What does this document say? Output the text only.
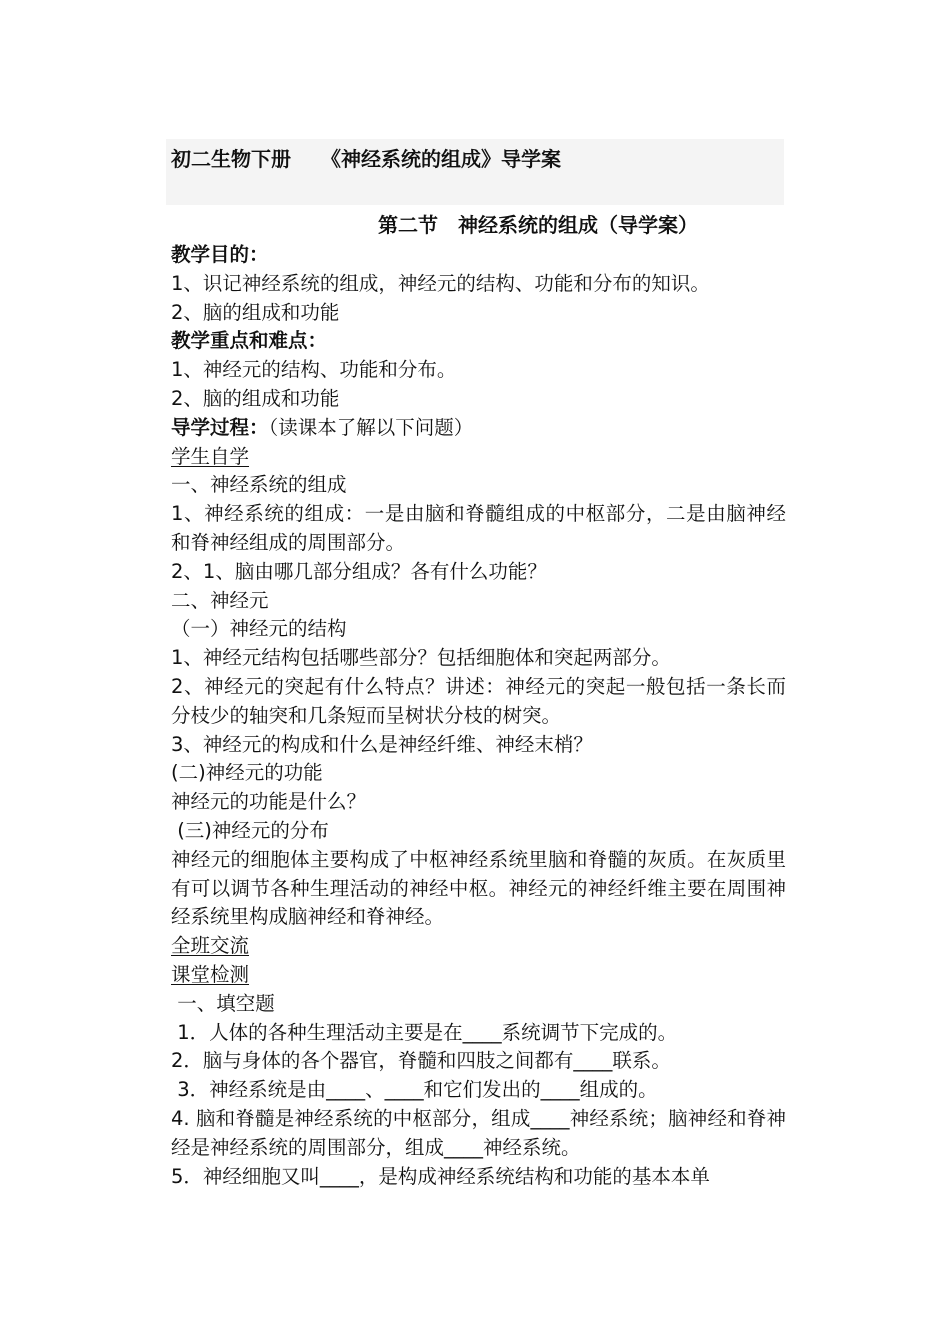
初二生物下册　　《神经系统的组成》导学案
第二节　神经系统的组成（导学案）

教学目的：

1、识记神经系统的组成，神经元的结构、功能和分布的知识。

2、脑的组成和功能

教学重点和难点：

1、神经元的结构、功能和分布。

2、脑的组成和功能

导学过程：（读课本了解以下问题）

学生自学

一、神经系统的组成

1、神经系统的组成：一是由脑和脊髓组成的中枢部分，二是由脑神经和脊神经组成的周围部分。

2、1、脑由哪几部分组成？各有什么功能？

二、神经元

（一）神经元的结构

1、神经元结构包括哪些部分？包括细胞体和突起两部分。

2、神经元的突起有什么特点？讲述：神经元的突起一般包括一条长而分枝少的轴突和几条短而呈树状分枝的树突。

3、神经元的构成和什么是神经纤维、神经末梢？

(二)神经元的功能

神经元的功能是什么？

(三)神经元的分布

神经元的细胞体主要构成了中枢神经系统里脑和脊髓的灰质。在灰质里有可以调节各种生理活动的神经中枢。神经元的神经纤维主要在周围神经系统里构成脑神经和脊神经。

全班交流

课堂检测

一、填空题

1．人体的各种生理活动主要是在____系统调节下完成的。

2．脑与身体的各个器官，脊髓和四肢之间都有____联系。

3．神经系统是由____、____和它们发出的____组成的。

4. 脑和脊髓是神经系统的中枢部分，组成____神经系统；脑神经和脊神经是神经系统的周围部分，组成____神经系统。

5．神经细胞又叫____，是构成神经系统结构和功能的基本本单
